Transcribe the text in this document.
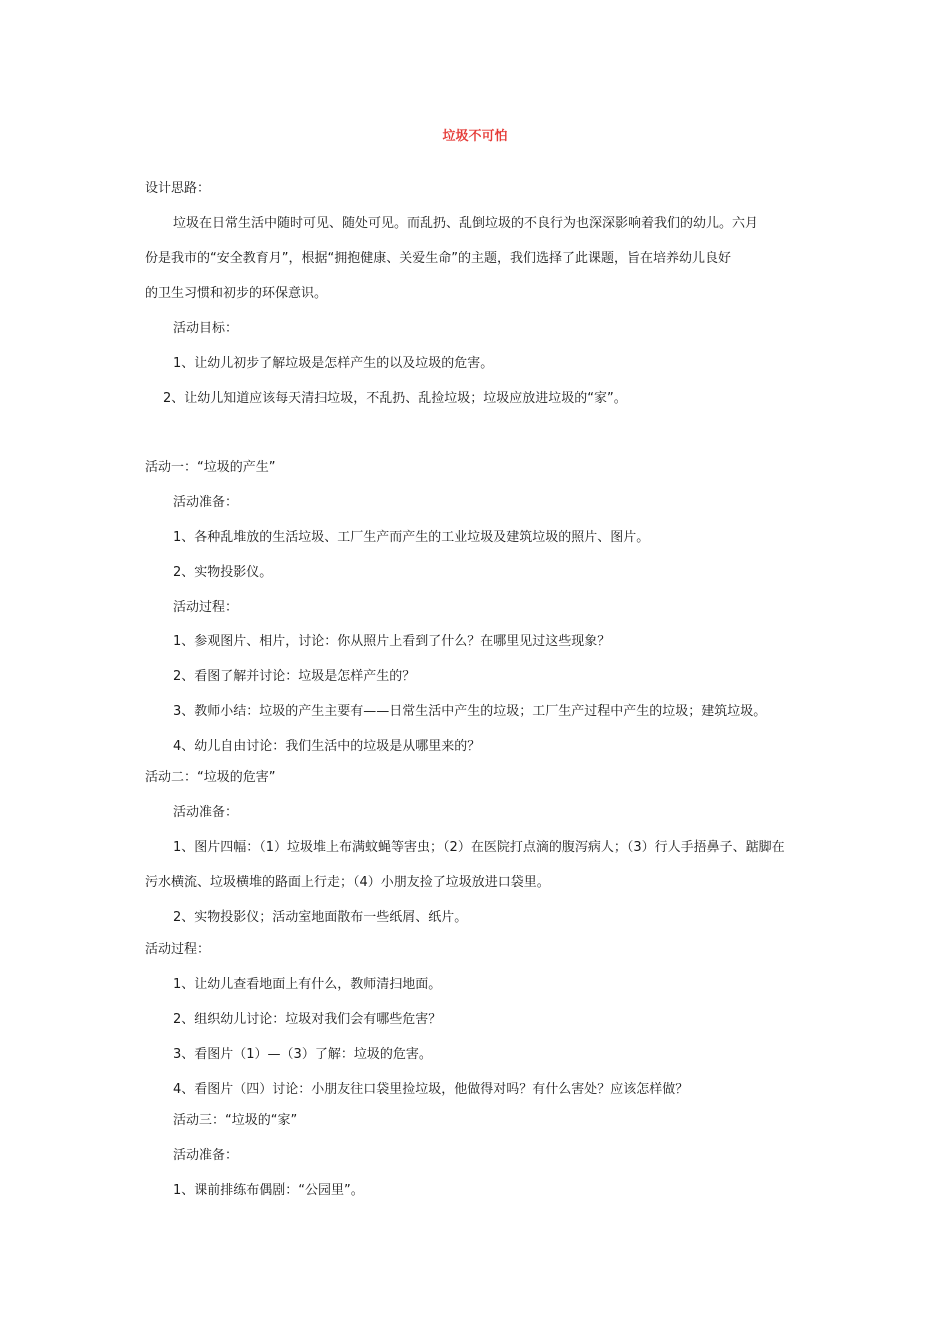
垃圾不可怕

设计思路：

垃圾在日常生活中随时可见、随处可见。而乱扔、乱倒垃圾的不良行为也深深影响着我们的幼儿。六月

份是我市的“安全教育月”，根据“拥抱健康、关爱生命”的主题，我们选择了此课题，旨在培养幼儿良好

的卫生习惯和初步的环保意识。

活动目标：

1、让幼儿初步了解垃圾是怎样产生的以及垃圾的危害。

2、让幼儿知道应该每天清扫垃圾，不乱扔、乱捡垃圾；垃圾应放进垃圾的“家”。

活动一：“垃圾的产生”

活动准备：

1、各种乱堆放的生活垃圾、工厂生产而产生的工业垃圾及建筑垃圾的照片、图片。

2、实物投影仪。

活动过程：

1、参观图片、相片，讨论：你从照片上看到了什么？在哪里见过这些现象？

2、看图了解并讨论：垃圾是怎样产生的？

3、教师小结：垃圾的产生主要有——日常生活中产生的垃圾；工厂生产过程中产生的垃圾；建筑垃圾。

4、幼儿自由讨论：我们生活中的垃圾是从哪里来的？

活动二：“垃圾的危害”

活动准备：

1、图片四幅：（1）垃圾堆上布满蚊蝇等害虫；（2）在医院打点滴的腹泻病人；（3）行人手捂鼻子、踮脚在

污水横流、垃圾横堆的路面上行走；（4）小朋友捡了垃圾放进口袋里。

2、实物投影仪；活动室地面散布一些纸屑、纸片。

活动过程：

1、让幼儿查看地面上有什么，教师清扫地面。

2、组织幼儿讨论：垃圾对我们会有哪些危害？

3、看图片（1）—（3）了解：垃圾的危害。

4、看图片（四）讨论：小朋友往口袋里捡垃圾，他做得对吗？有什么害处？应该怎样做？

活动三：“垃圾的“家”

活动准备：

1、课前排练布偶剧：“公园里”。
